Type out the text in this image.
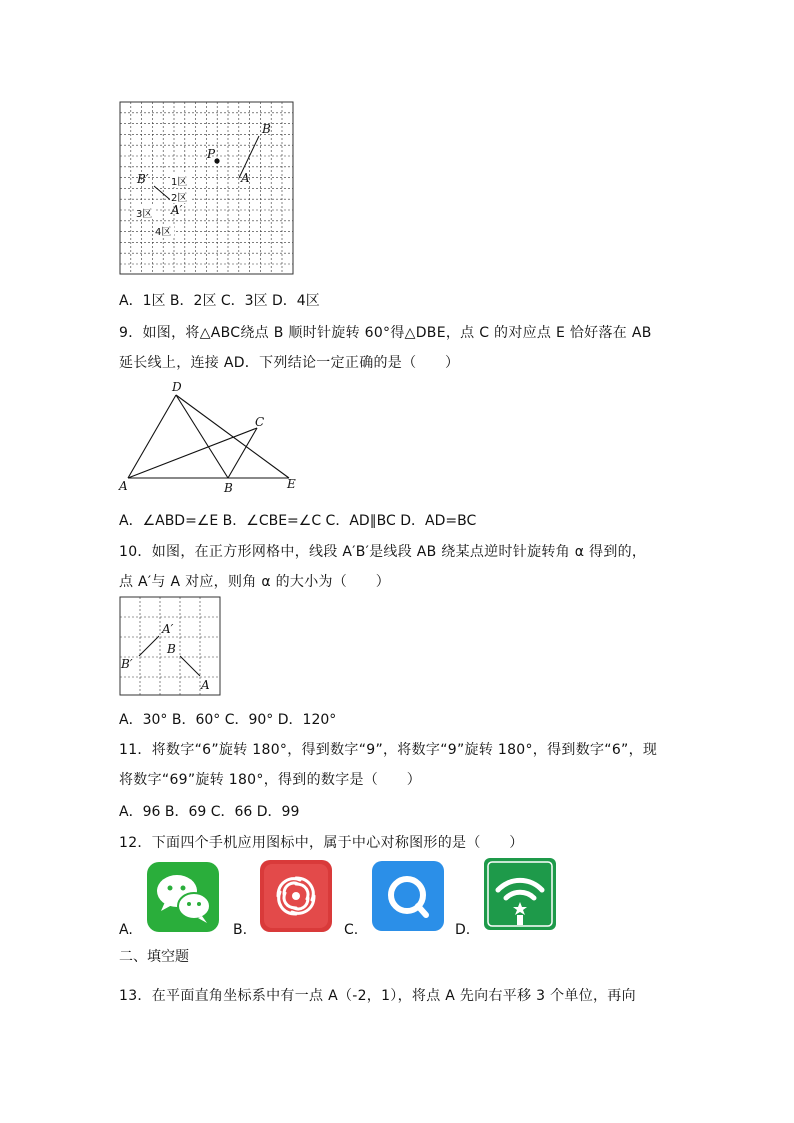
B
A
P
B′
A′
1区
2区
3区
4区
A．1区 B．2区 C．3区 D．4区
9．如图，将△ABC绕点 B 顺时针旋转 60°得△DBE，点 C 的对应点 E 恰好落在 AB
延长线上，连接 AD．下列结论一定正确的是（　　）
D
C
A	B	E
A．∠ABD=∠E B．∠CBE=∠C C．AD∥BC D．AD=BC
10．如图，在正方形网格中，线段 A′B′是线段 AB 绕某点逆时针旋转角 α 得到的，
点 A′与 A 对应，则角 α 的大小为（　　）
A′
B′
B
A
A．30° B．60° C．90° D．120°
11．将数字“6”旋转 180°，得到数字“9”，将数字“9”旋转 180°，得到数字“6”，现
将数字“69”旋转 180°，得到的数字是（　　）
A．96 B．69 C．66 D．99
12．下面四个手机应用图标中，属于中心对称图形的是（　　）
A.	B.	C.	D.
二、填空题
13．在平面直角坐标系中有一点 A（-2，1），将点 A 先向右平移 3 个单位，再向
